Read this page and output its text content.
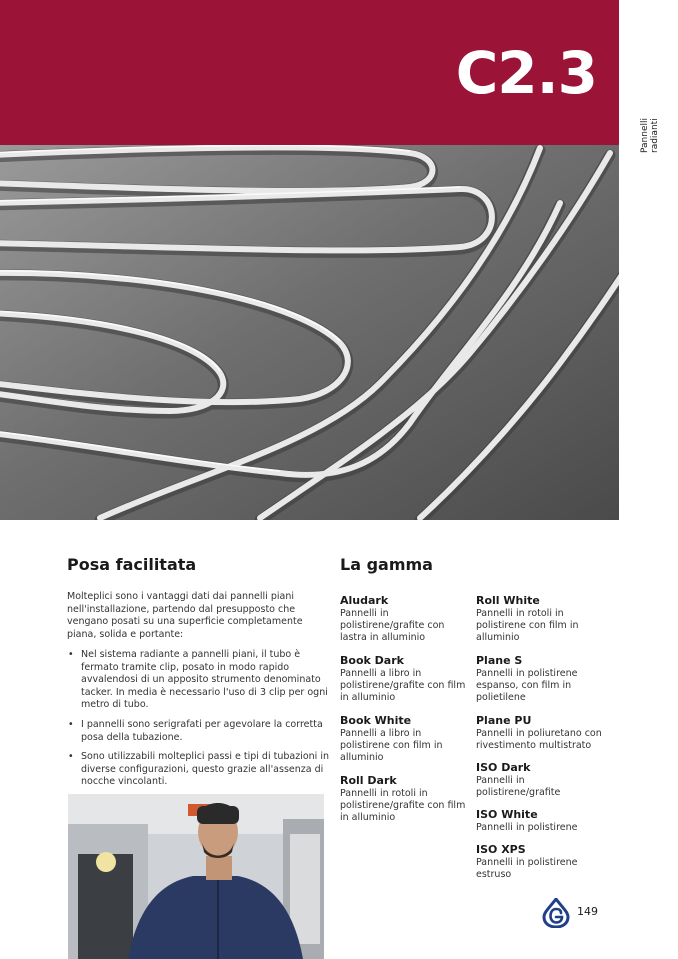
C2.3
Pannelli
radianti
Posa facilitata
Molteplici sono i vantaggi dati dai pannelli piani nell'installazione, partendo dal presupposto che vengano posati su una superficie completamente piana, solida e portante:
• Nel sistema radiante a pannelli piani, il tubo è fermato tramite clip, posato in modo rapido avvalendosi di un apposito strumento denominato tacker. In media è necessario l'uso di 3 clip per ogni metro di tubo.
• I pannelli sono serigrafati per agevolare la corretta posa della tubazione.
• Sono utilizzabili molteplici passi e tipi di tubazioni in diverse configurazioni, questo grazie all'assenza di nocche vincolanti.
La gamma
Aludark
Pannelli in polistirene/grafite con lastra in alluminio
Book Dark
Pannelli a libro in polistirene/grafite con film in alluminio
Book White
Pannelli a libro in polistirene con film in alluminio
Roll Dark
Pannelli in rotoli in polistirene/grafite con film in alluminio
Roll White
Pannelli in rotoli in polistirene con film in alluminio
Plane S
Pannelli in polistirene espanso, con film in polietilene
Plane PU
Pannelli in poliuretano con rivestimento multistrato
ISO Dark
Pannelli in polistirene/grafite
ISO White
Pannelli in polistirene
ISO XPS
Pannelli in polistirene estruso
149
